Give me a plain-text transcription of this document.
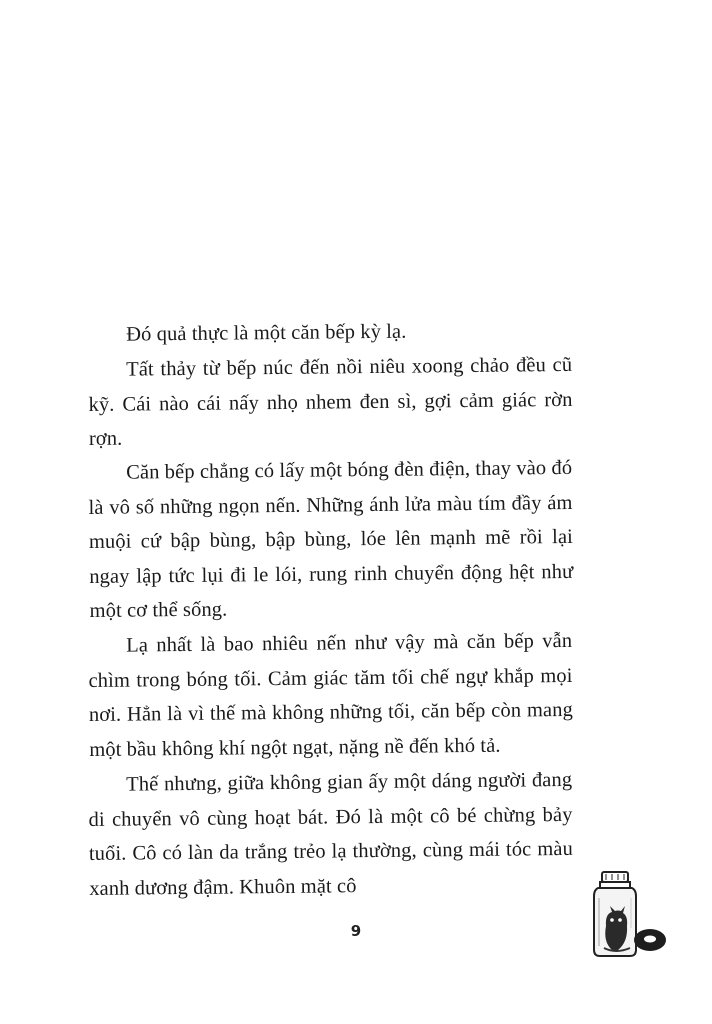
Đó quả thực là một căn bếp kỳ lạ.

Tất thảy từ bếp núc đến nồi niêu xoong chảo đều cũ kỹ. Cái nào cái nấy nhọ nhem đen sì, gợi cảm giác rờn rợn.

Căn bếp chẳng có lấy một bóng đèn điện, thay vào đó là vô số những ngọn nến. Những ánh lửa màu tím đầy ám muội cứ bập bùng, bập bùng, lóe lên mạnh mẽ rồi lại ngay lập tức lụi đi le lói, rung rinh chuyển động hệt như một cơ thể sống.

Lạ nhất là bao nhiêu nến như vậy mà căn bếp vẫn chìm trong bóng tối. Cảm giác tăm tối chế ngự khắp mọi nơi. Hẳn là vì thế mà không những tối, căn bếp còn mang một bầu không khí ngột ngạt, nặng nề đến khó tả.

Thế nhưng, giữa không gian ấy một dáng người đang di chuyển vô cùng hoạt bát. Đó là một cô bé chừng bảy tuổi. Cô có làn da trắng trẻo lạ thường, cùng mái tóc màu xanh dương đậm. Khuôn mặt cô

9
